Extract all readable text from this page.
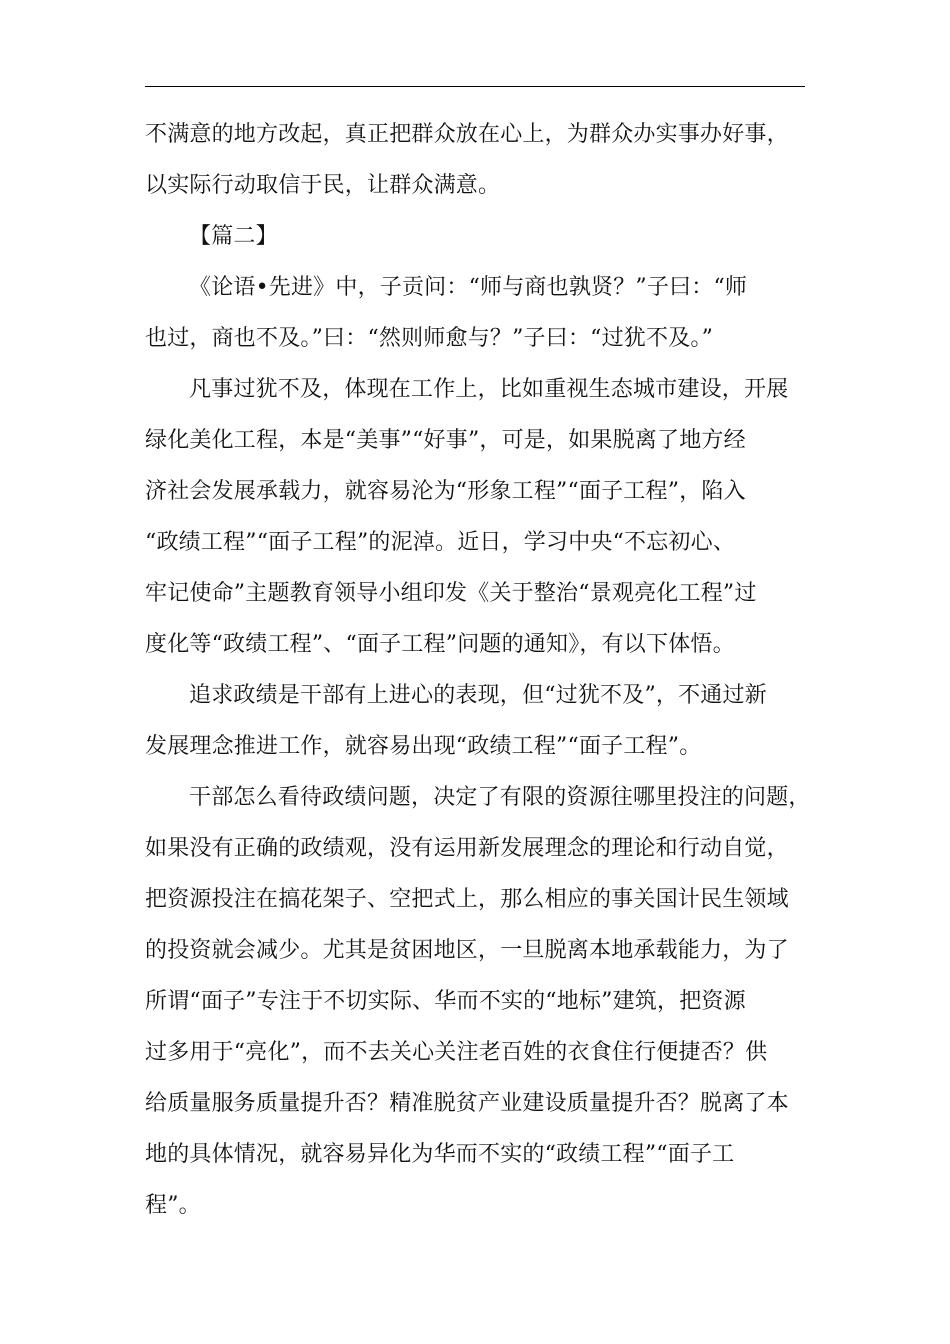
不满意的地方改起，真正把群众放在心上，为群众办实事办好事，
以实际行动取信于民，让群众满意。
【篇二】
《论语•先进》中，子贡问：“师与商也孰贤？”子曰：“师
也过，商也不及。”曰：“然则师愈与？”子曰：“过犹不及。”
凡事过犹不及，体现在工作上，比如重视生态城市建设，开展
绿化美化工程，本是“美事”“好事”，可是，如果脱离了地方经
济社会发展承载力，就容易沦为“形象工程”“面子工程”，陷入
“政绩工程”“面子工程”的泥淖。近日，学习中央“不忘初心、
牢记使命”主题教育领导小组印发《关于整治“景观亮化工程”过
度化等“政绩工程”、“面子工程”问题的通知》，有以下体悟。
追求政绩是干部有上进心的表现，但“过犹不及”，不通过新
发展理念推进工作，就容易出现“政绩工程”“面子工程”。
干部怎么看待政绩问题，决定了有限的资源往哪里投注的问题，
如果没有正确的政绩观，没有运用新发展理念的理论和行动自觉，
把资源投注在搞花架子、空把式上，那么相应的事关国计民生领域
的投资就会减少。尤其是贫困地区，一旦脱离本地承载能力，为了
所谓“面子”专注于不切实际、华而不实的“地标”建筑，把资源
过多用于“亮化”，而不去关心关注老百姓的衣食住行便捷否？供
给质量服务质量提升否？精准脱贫产业建设质量提升否？脱离了本
地的具体情况，就容易异化为华而不实的“政绩工程”“面子工
程”。
